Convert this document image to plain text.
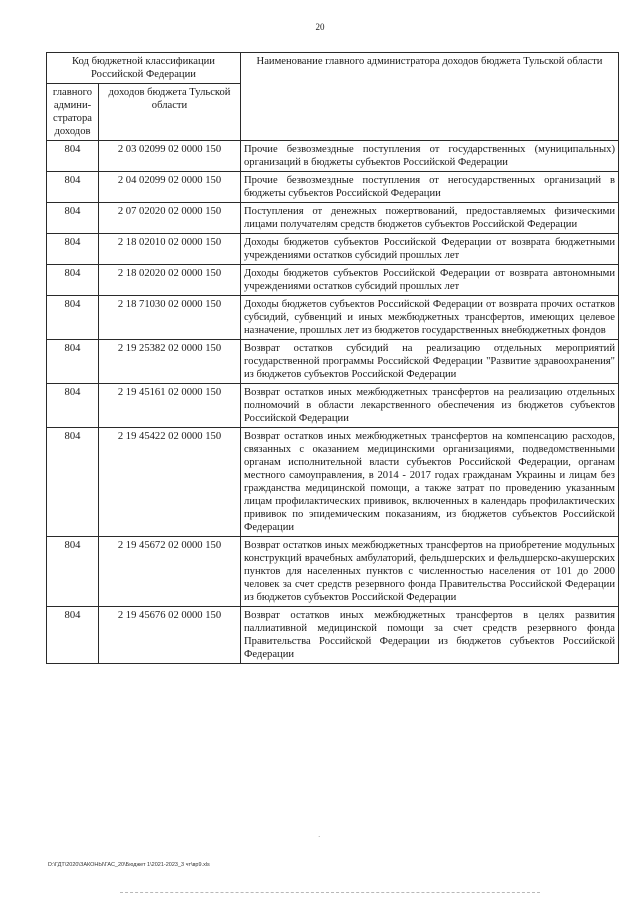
20
Код бюджетной классификации Российской Федерации		Наименование главного администратора доходов бюджета Тульской области
главного админи-стратора доходов	доходов бюджета Тульской области	
804	2 03 02099 02 0000 150	Прочие безвозмездные поступления от государственных (муниципальных) организаций в бюджеты субъектов Российской Федерации
804	2 04 02099 02 0000 150	Прочие безвозмездные поступления от негосударственных организаций в бюджеты субъектов Российской Федерации
804	2 07 02020 02 0000 150	Поступления от денежных пожертвований, предоставляемых физическими лицами получателям средств бюджетов субъектов Российской Федерации
804	2 18 02010 02 0000 150	Доходы бюджетов субъектов Российской Федерации от возврата бюджетными учреждениями остатков субсидий прошлых лет
804	2 18 02020 02 0000 150	Доходы бюджетов субъектов Российской Федерации от возврата автономными учреждениями остатков субсидий прошлых лет
804	2 18 71030 02 0000 150	Доходы бюджетов субъектов Российской Федерации от возврата прочих остатков субсидий, субвенций и иных межбюджетных трансфертов, имеющих целевое назначение, прошлых лет из бюджетов государственных внебюджетных фондов
804	2 19 25382 02 0000 150	Возврат остатков субсидий на реализацию отдельных мероприятий государственной программы Российской Федерации "Развитие здравоохранения" из бюджетов субъектов Российской Федерации
804	2 19 45161 02 0000 150	Возврат остатков иных межбюджетных трансфертов на реализацию отдельных полномочий в области лекарственного обеспечения из бюджетов субъектов Российской Федерации
804	2 19 45422 02 0000 150	Возврат остатков иных межбюджетных трансфертов на компенсацию расходов, связанных с оказанием медицинскими организациями, подведомственными органам исполнительной власти субъектов Российской Федерации, органам местного самоуправления, в 2014 - 2017 годах гражданам Украины и лицам без гражданства медицинской помощи, а также затрат по проведению указанным лицам профилактических прививок, включенных в календарь профилактических прививок по эпидемическим показаниям, из бюджетов субъектов Российской Федерации
804	2 19 45672 02 0000 150	Возврат остатков иных межбюджетных трансфертов на приобретение модульных конструкций врачебных амбулаторий, фельдшерских и фельдшерско-акушерских пунктов для населенных пунктов с численностью населения от 101 до 2000 человек за счет средств резервного фонда Правительства Российской Федерации из бюджетов субъектов Российской Федерации
804	2 19 45676 02 0000 150	Возврат остатков иных межбюджетных трансфертов в целях развития паллиативной медицинской помощи за счет средств резервного фонда Правительства Российской Федерации из бюджетов субъектов Российской Федерации
·
D:\ГДТ\2020\ЗАКОНЫ\ГАС_20\Бюджет 1\2021-2023_3 чт\вр9.xls
